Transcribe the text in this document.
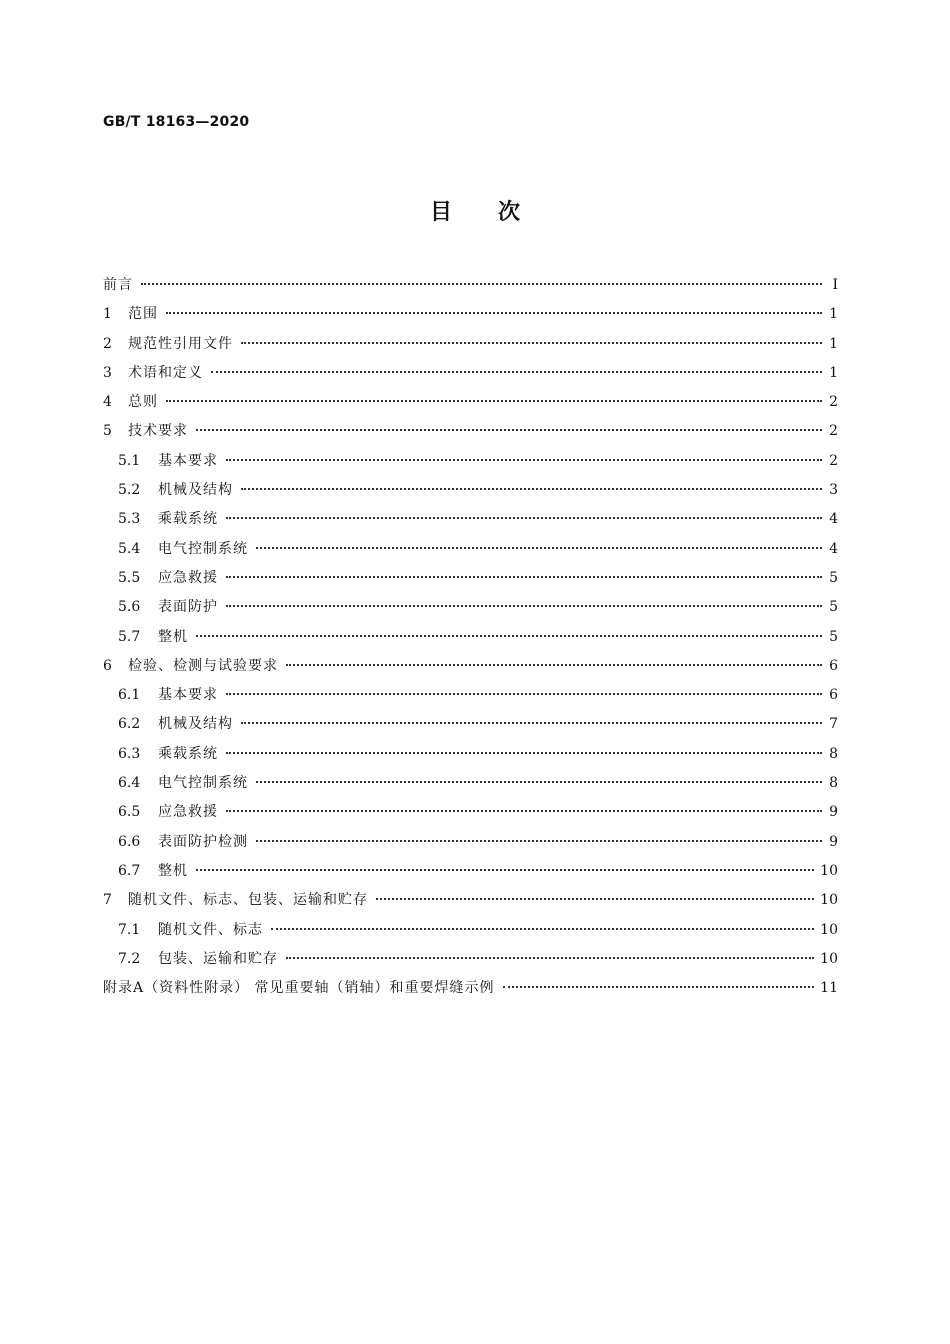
GB/T 18163—2020
目 次
前言	Ⅰ
1	范围	1
2	规范性引用文件	1
3	术语和定义	1
4	总则	2
5	技术要求	2
5.1	基本要求	2
5.2	机械及结构	3
5.3	乘载系统	4
5.4	电气控制系统	4
5.5	应急救援	5
5.6	表面防护	5
5.7	整机	5
6	检验、检测与试验要求	6
6.1	基本要求	6
6.2	机械及结构	7
6.3	乘载系统	8
6.4	电气控制系统	8
6.5	应急救援	9
6.6	表面防护检测	9
6.7	整机	10
7	随机文件、标志、包装、运输和贮存	10
7.1	随机文件、标志	10
7.2	包装、运输和贮存	10
附录A（资料性附录） 常见重要轴（销轴）和重要焊缝示例	11
